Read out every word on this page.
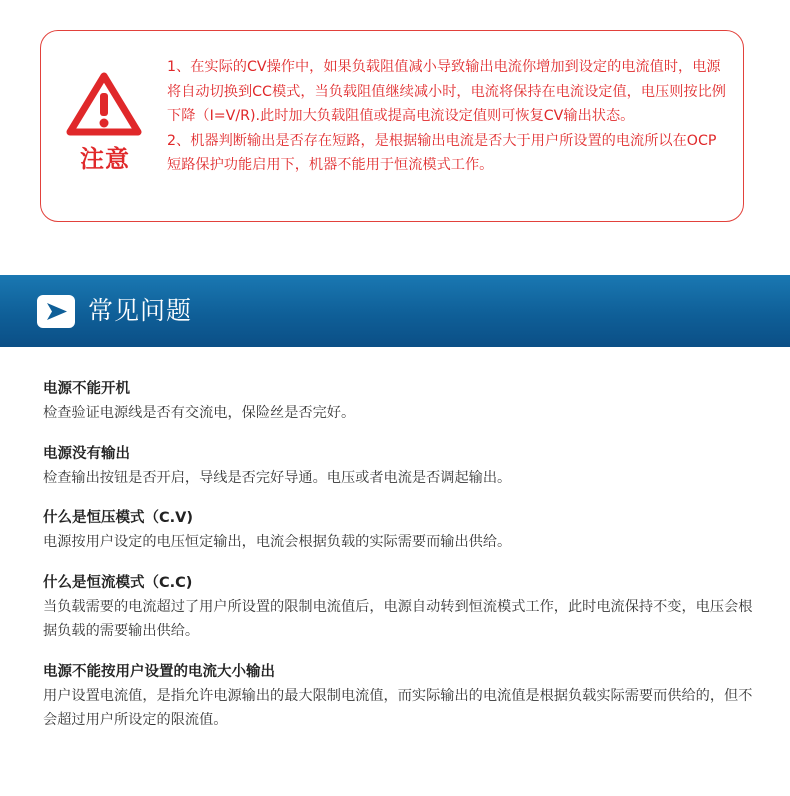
注意

1、在实际的CV操作中，如果负载阻值减小导致输出电流你增加到设定的电流值时，电源将自动切换到CC模式，当负载阻值继续减小时，电流将保持在电流设定值，电压则按比例下降（I=V/R).此时加大负载阻值或提高电流设定值则可恢复CV输出状态。

2、机器判断输出是否存在短路，是根据输出电流是否大于用户所设置的电流所以在OCP短路保护功能启用下，机器不能用于恒流模式工作。

常见问题
电源不能开机
检查验证电源线是否有交流电，保险丝是否完好。
电源没有输出
检查输出按钮是否开启，导线是否完好导通。电压或者电流是否调起输出。
什么是恒压模式（C.V)
电源按用户设定的电压恒定输出，电流会根据负载的实际需要而输出供给。
什么是恒流模式（C.C)
当负载需要的电流超过了用户所设置的限制电流值后，电源自动转到恒流模式工作，此时电流保持不变，电压会根据负载的需要输出供给。
电源不能按用户设置的电流大小输出
用户设置电流值，是指允许电源输出的最大限制电流值，而实际输出的电流值是根据负载实际需要而供给的，但不会超过用户所设定的限流值。
